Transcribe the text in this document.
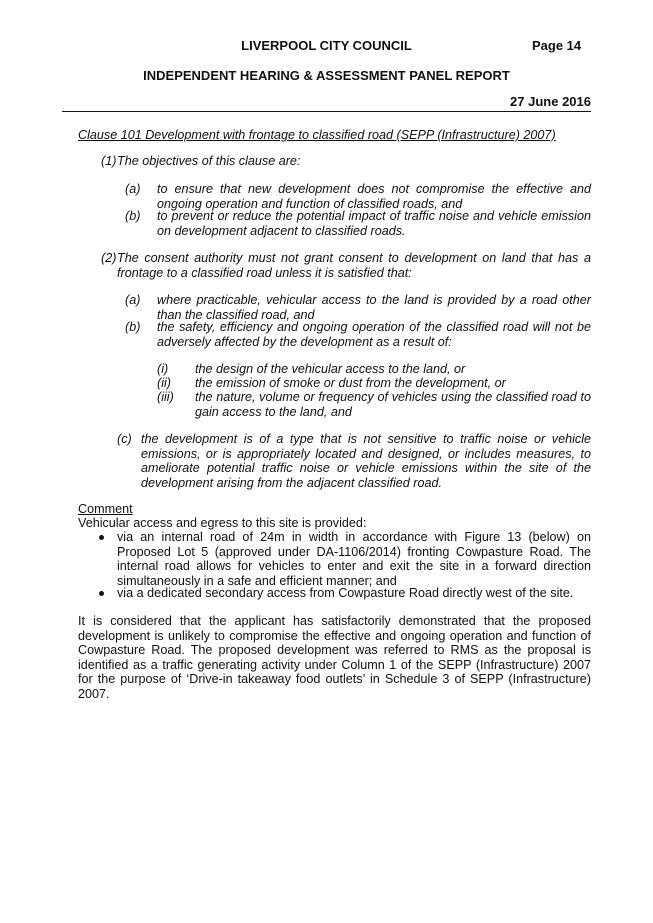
LIVERPOOL CITY COUNCIL	Page 14
INDEPENDENT HEARING & ASSESSMENT PANEL REPORT
27 June 2016
Clause 101 Development with frontage to classified road (SEPP (Infrastructure) 2007)
(1) The objectives of this clause are:
(a) to ensure that new development does not compromise the effective and ongoing operation and function of classified roads, and
(b) to prevent or reduce the potential impact of traffic noise and vehicle emission on development adjacent to classified roads.
(2) The consent authority must not grant consent to development on land that has a frontage to a classified road unless it is satisfied that:
(a) where practicable, vehicular access to the land is provided by a road other than the classified road, and
(b) the safety, efficiency and ongoing operation of the classified road will not be adversely affected by the development as a result of:
(i) the design of the vehicular access to the land, or
(ii) the emission of smoke or dust from the development, or
(iii) the nature, volume or frequency of vehicles using the classified road to gain access to the land, and
(c) the development is of a type that is not sensitive to traffic noise or vehicle emissions, or is appropriately located and designed, or includes measures, to ameliorate potential traffic noise or vehicle emissions within the site of the development arising from the adjacent classified road.
Comment
Vehicular access and egress to this site is provided:
via an internal road of 24m in width in accordance with Figure 13 (below) on Proposed Lot 5 (approved under DA-1106/2014) fronting Cowpasture Road. The internal road allows for vehicles to enter and exit the site in a forward direction simultaneously in a safe and efficient manner; and
via a dedicated secondary access from Cowpasture Road directly west of the site.
It is considered that the applicant has satisfactorily demonstrated that the proposed development is unlikely to compromise the effective and ongoing operation and function of Cowpasture Road. The proposed development was referred to RMS as the proposal is identified as a traffic generating activity under Column 1 of the SEPP (Infrastructure) 2007 for the purpose of ‘Drive-in takeaway food outlets’ in Schedule 3 of SEPP (Infrastructure) 2007.
